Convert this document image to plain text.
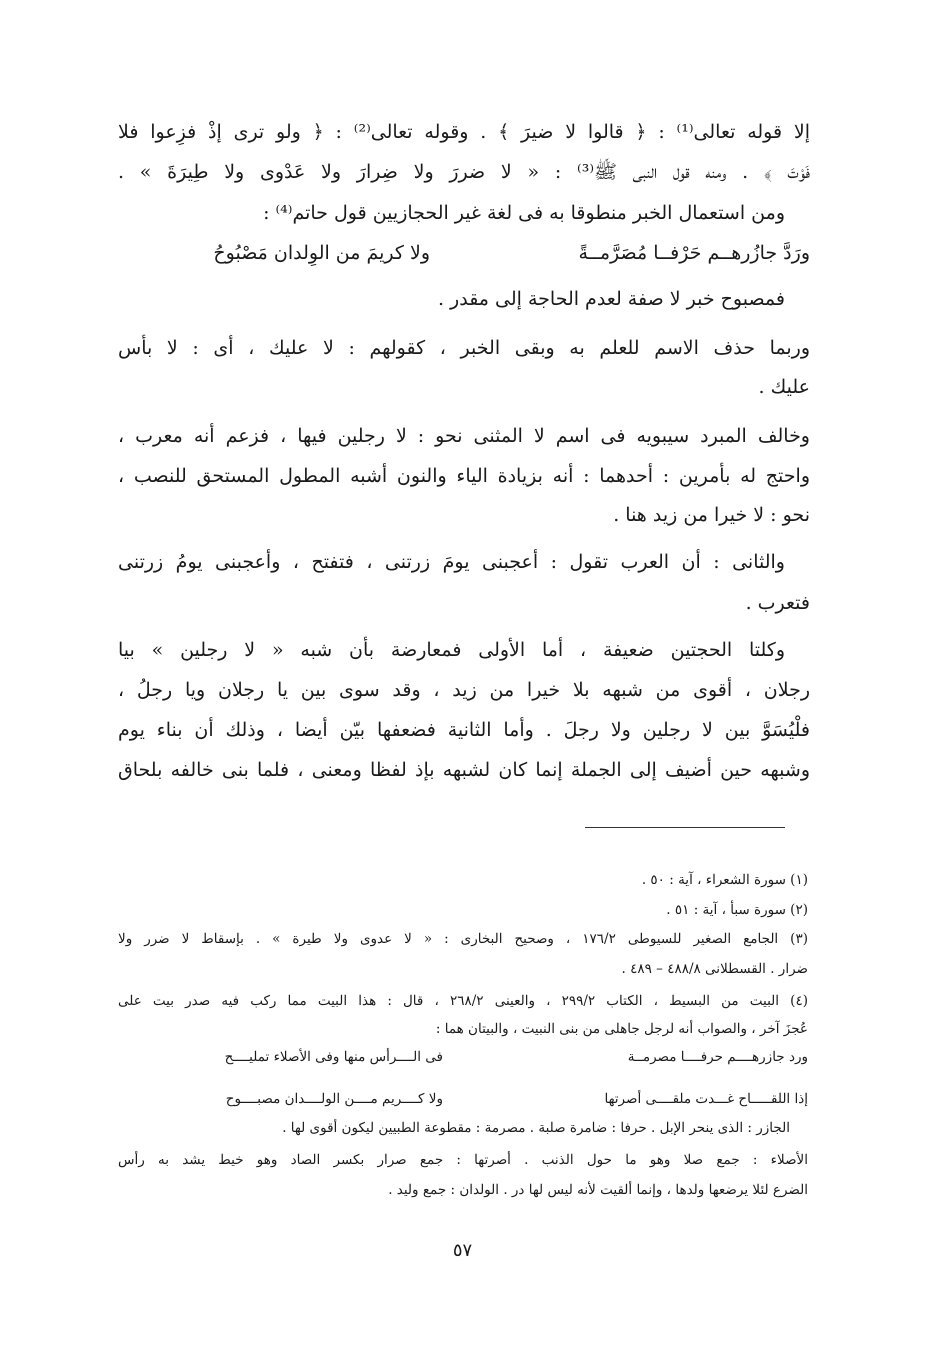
إلا قوله تعالى⁽¹⁾ : ﴿ قالوا لا ضيرَ ﴾ . وقوله تعالى⁽²⁾ : ﴿ ولو ترى إذْ فزِعوا فلا
فَوْتَ ﴾ . ومنه قول النبى ﷺ⁽³⁾ : « لا ضررَ ولا ضِرارَ ولا عَدْوى ولا طِيرَةَ » .
ومن استعمال الخبر منطوقا به فى لغة غير الحجازيين قول حاتم⁽⁴⁾ :
ورَدَّ جازُرهــم حَرْفــا مُصَرَّمــةً
ولا كريمَ من الوِلدان مَصْبُوحُ
فمصبوح خبر لا صفة لعدم الحاجة إلى مقدر .
وربما حذف الاسم للعلم به وبقى الخبر ، كقولهم : لا عليك ، أى : لا بأس
عليك .
وخالف المبرد سيبويه فى اسم لا المثنى نحو : لا رجلين فيها ، فزعم أنه معرب ،
واحتج له بأمرين : أحدهما : أنه بزيادة الياء والنون أشبه المطول المستحق للنصب ،
نحو : لا خيرا من زيد هنا .
والثانى : أن العرب تقول : أعجبنى يومَ زرتنى ، فتفتح ، وأعجبنى يومُ زرتنى
فتعرب .
وكلتا الحجتين ضعيفة ، أما الأولى فمعارضة بأن شبه « لا رجلين » بيا
رجلان ، أقوى من شبهه بلا خيرا من زيد ، وقد سوى بين يا رجلان ويا رجلُ ،
فلْيُسَوَّ بين لا رجلين ولا رجلَ . وأما الثانية فضعفها بيّن أيضا ، وذلك أن بناء يوم
وشبهه حين أضيف إلى الجملة إنما كان لشبهه بإذ لفظا ومعنى ، فلما بنى خالفه بلحاق
(١) سورة الشعراء ، آية : ٥٠ .
(٢) سورة سبأ ، آية : ٥١ .
(٣) الجامع الصغير للسيوطى ١٧٦/٢ ، وصحيح البخارى : « لا عدوى ولا طيرة » . بإسقاط لا ضرر ولا
ضرار . القسطلانى ٤٨٨/٨ – ٤٨٩ .
(٤) البيت من البسيط ، الكتاب ٢٩٩/٢ ، والعينى ٢٦٨/٢ ، قال : هذا البيت مما ركب فيه صدر بيت على
عُجزَ آخر ، والصواب أنه لرجل جاهلى من بنى النبيت ، والبيتان هما :
ورد جازرهــــم حرفــــا مصرمــة
فى الــــرأس منها وفى الأصلاء تمليــــح
إذا اللقـــــاح غـــدت ملقــــى أصرتها
ولا كــــريم مــــن الولــــدان مصبــــوح
الجازر : الذى ينحر الإبل . حرفا : ضامرة صلبة . مصرمة : مقطوعة الطبيين ليكون أقوى لها .
الأصلاء : جمع صلا وهو ما حول الذنب . أصرتها : جمع صرار بكسر الصاد وهو خيط يشد به رأس
الضرع لئلا يرضعها ولدها ، وإنما ألقيت لأنه ليس لها در . الولدان : جمع وليد .
٥٧
